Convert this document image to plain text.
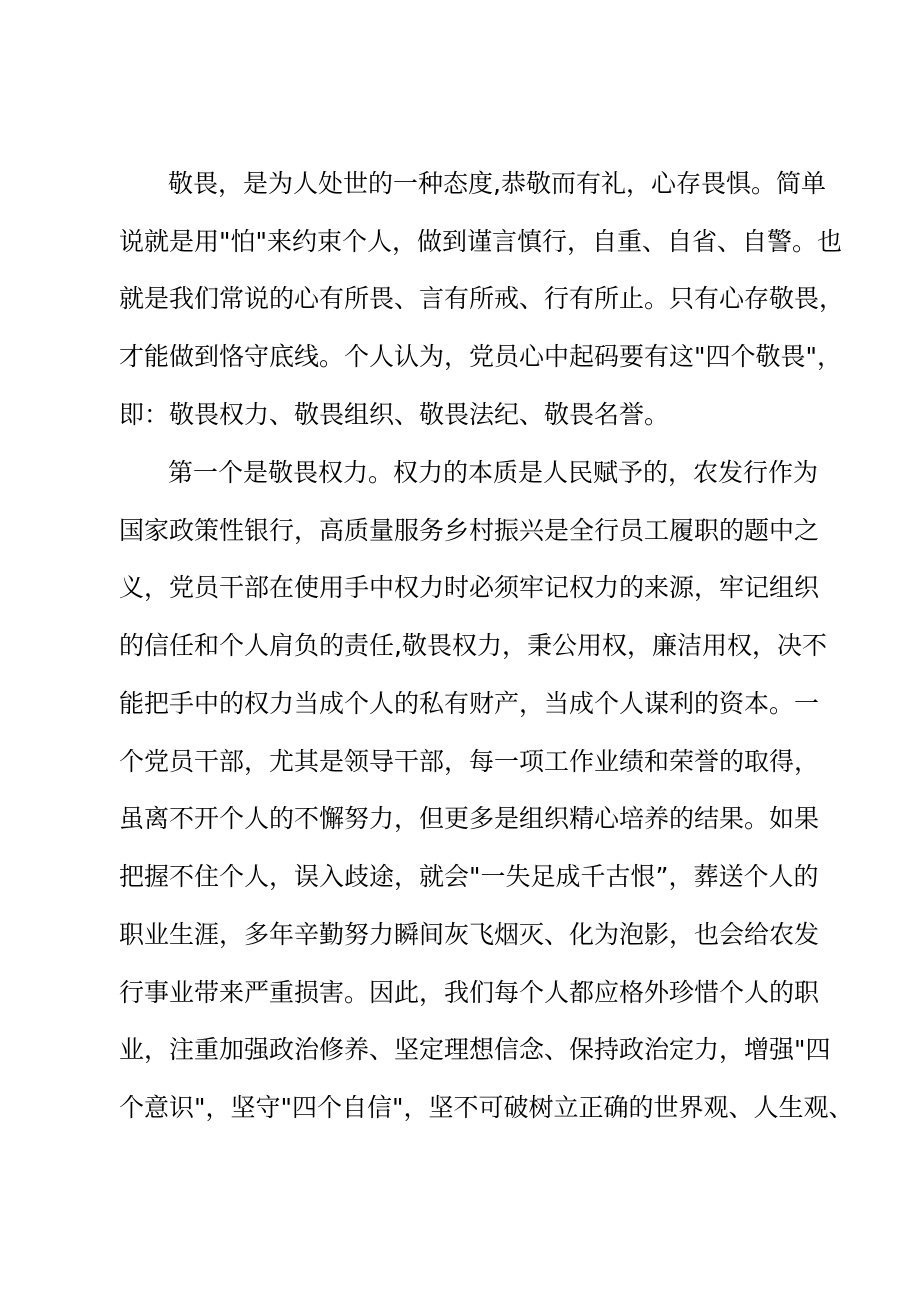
敬畏，是为人处世的一种态度,恭敬而有礼，心存畏惧。简单
说就是用"怕"来约束个人，做到谨言慎行，自重、自省、自警。也
就是我们常说的心有所畏、言有所戒、行有所止。只有心存敬畏，
才能做到恪守底线。个人认为，党员心中起码要有这"四个敬畏"，
即：敬畏权力、敬畏组织、敬畏法纪、敬畏名誉。
第一个是敬畏权力。权力的本质是人民赋予的，农发行作为
国家政策性银行，高质量服务乡村振兴是全行员工履职的题中之
义，党员干部在使用手中权力时必须牢记权力的来源，牢记组织
的信任和个人肩负的责任,敬畏权力，秉公用权，廉洁用权，决不
能把手中的权力当成个人的私有财产，当成个人谋利的资本。一
个党员干部，尤其是领导干部，每一项工作业绩和荣誉的取得，
虽离不开个人的不懈努力，但更多是组织精心培养的结果。如果
把握不住个人，误入歧途，就会"一失足成千古恨”，葬送个人的
职业生涯，多年辛勤努力瞬间灰飞烟灭、化为泡影，也会给农发
行事业带来严重损害。因此，我们每个人都应格外珍惜个人的职
业，注重加强政治修养、坚定理想信念、保持政治定力，增强"四
个意识"，坚守"四个自信"，坚不可破树立正确的世界观、人生观、
